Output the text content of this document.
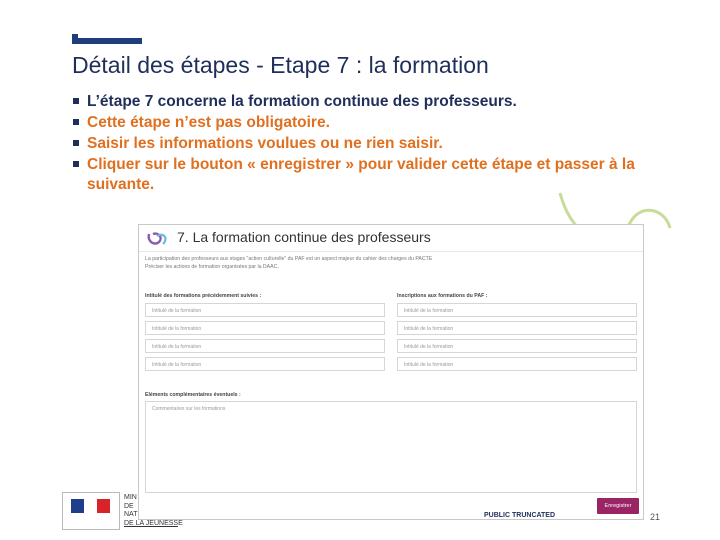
Détail des étapes - Etape 7 : la formation
L’étape 7 concerne la formation continue des professeurs.
Cette étape n’est pas obligatoire.
Saisir les informations voulues ou ne rien saisir.
Cliquer sur le bouton « enregistrer » pour valider cette étape et passer à la suivante.
7. La formation continue des professeurs
La participation des professeurs aux stages "action culturelle" du PAF est un aspect majeur du cahier des charges du PACTE
Préciser les actions de formation organisées par la DAAC.
Intitulé des formations précédemment suivies :	Inscriptions aux formations du PAF :
Intitulé de la formation
Intitulé de la formation
Intitulé de la formation
Intitulé de la formation
Intitulé de la formation
Intitulé de la formation
Intitulé de la formation
Intitulé de la formation
Eléments complémentaires éventuels :
Commentaires sur les formations
Enregistrer
MIN
DE
NAT
DE LA JEUNESSE
PUBLIC TRUNCATED	21
